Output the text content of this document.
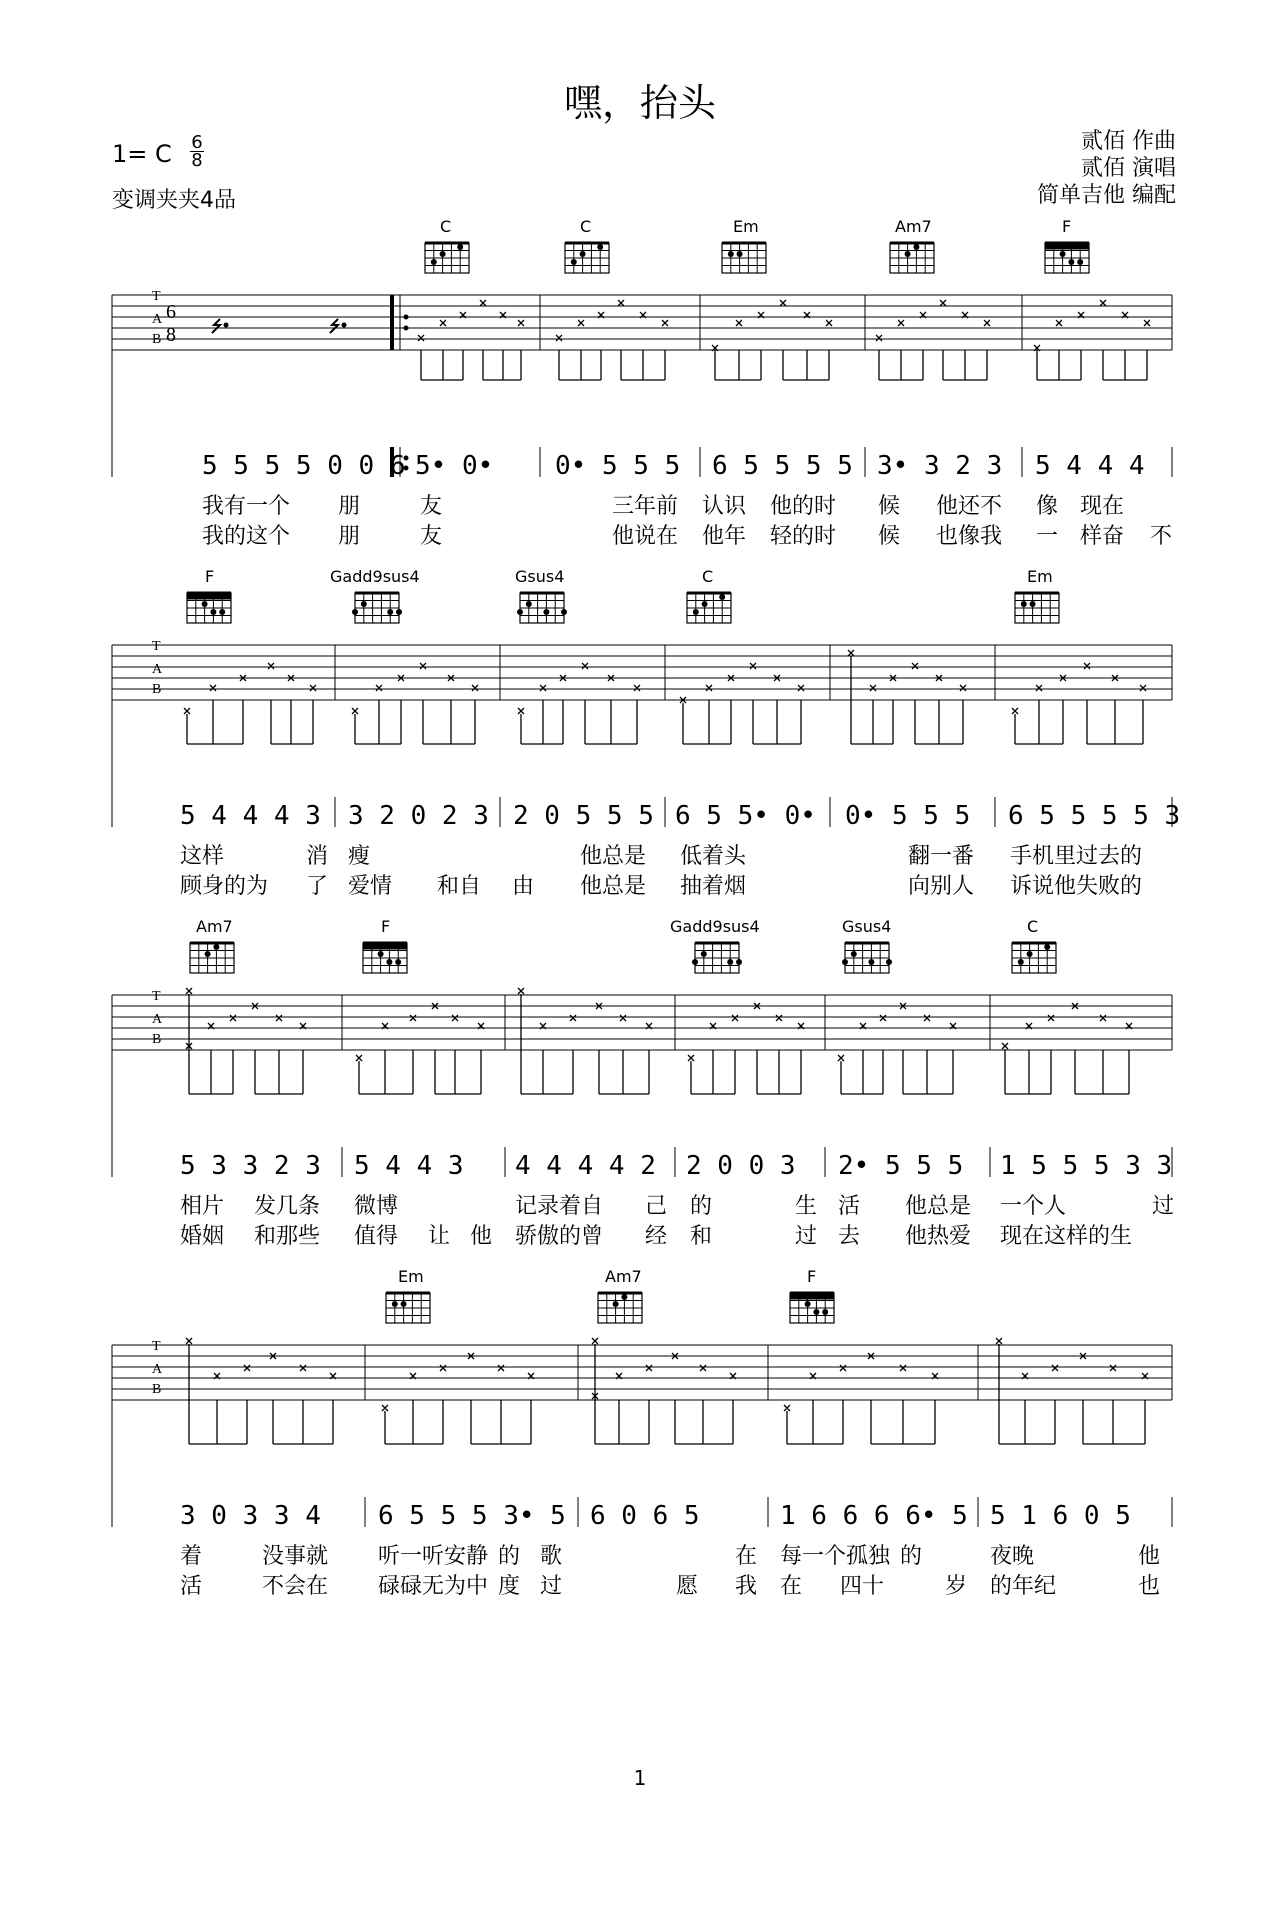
嘿，抬头
1= C 6
8
变调夹夹4品
贰佰 作曲
贰佰 演唱
简单吉他 编配
T
A
B
6
8
5 5 5 5 0 0 6 5• 0• 0• 5 5 5 6 5 5 5 5 3• 3 2 3 5 4 4 4
我有一个 朋	友	三年前 认识 他的时 候 他还不 像 现在
我的这个 朋	友	他说在 他年 轻的时 候 也像我 一 样奋 不
C	C	Em	Am7	F
T
A
B
5 4 4 4 3 3 2 0 2 3 2 0 5 5 5 6 5 5• 0• 0• 5 5 5 6 5 5 5 5 3
这样	消 瘦	他总是 低着头	翻一番 手机里过去的
顾身的为 了 爱情 和自 由 他总是 抽着烟	向别人 诉说他失败的
F	Gadd9sus4	Gsus4	C	Em
T
A
B
5 3 3 2 3 5 4 4 3 4 4 4 4 2 2 0 0 3 2• 5 5 5 1 5 5 5 3 3
相片 发几条 微博	记录着自 己 的	生 活 他总是 一个人	过
婚姻 和那些 值得 让 他 骄傲的曾 经 和	过 去 他热爱 现在这样的生
Am7	F	Gadd9sus4	Gsus4	C
T
A
B
3 0 3 3 4 6 5 5 5 3• 5 6 0 6 5	1 6 6 6 6• 5 5 1 6 0 5
着	没事就 听一听安静 的 歌	在 每一个孤独 的	夜晚	他
活	不会在 碌碌无为中 度 过	愿 我 在 四十	岁 的年纪	也
Em	Am7	F
1
